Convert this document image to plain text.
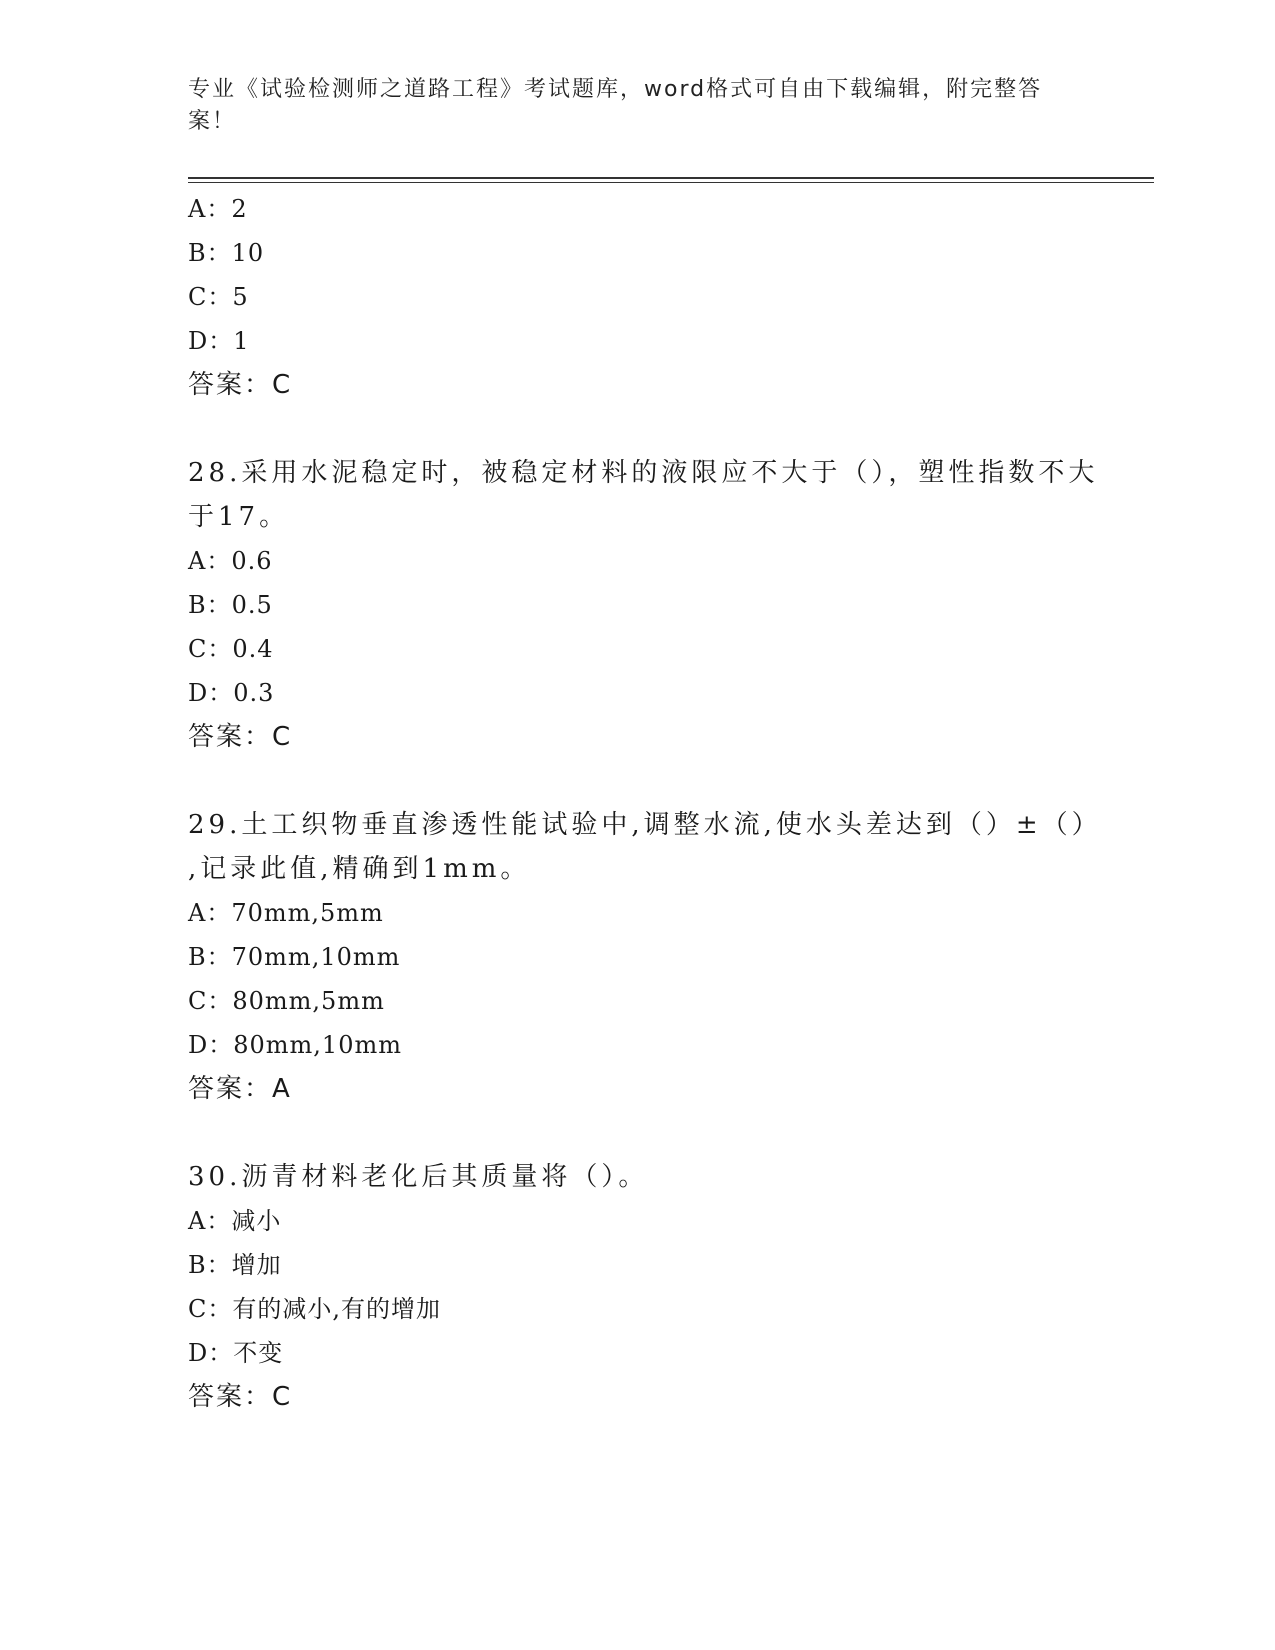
专业《试验检测师之道路工程》考试题库，word格式可自由下载编辑，附完整答
案！
A：2
B：10
C：5
D：1
答案：C
28.采用水泥稳定时，被稳定材料的液限应不大于（），塑性指数不大
于17。
A：0.6
B：0.5
C：0.4
D：0.3
答案：C
29.土工织物垂直渗透性能试验中,调整水流,使水头差达到（）±（）
,记录此值,精确到1mm。
A：70mm,5mm
B：70mm,10mm
C：80mm,5mm
D：80mm,10mm
答案：A
30.沥青材料老化后其质量将（）。
A：减小
B：增加
C：有的减小,有的增加
D：不变
答案：C
